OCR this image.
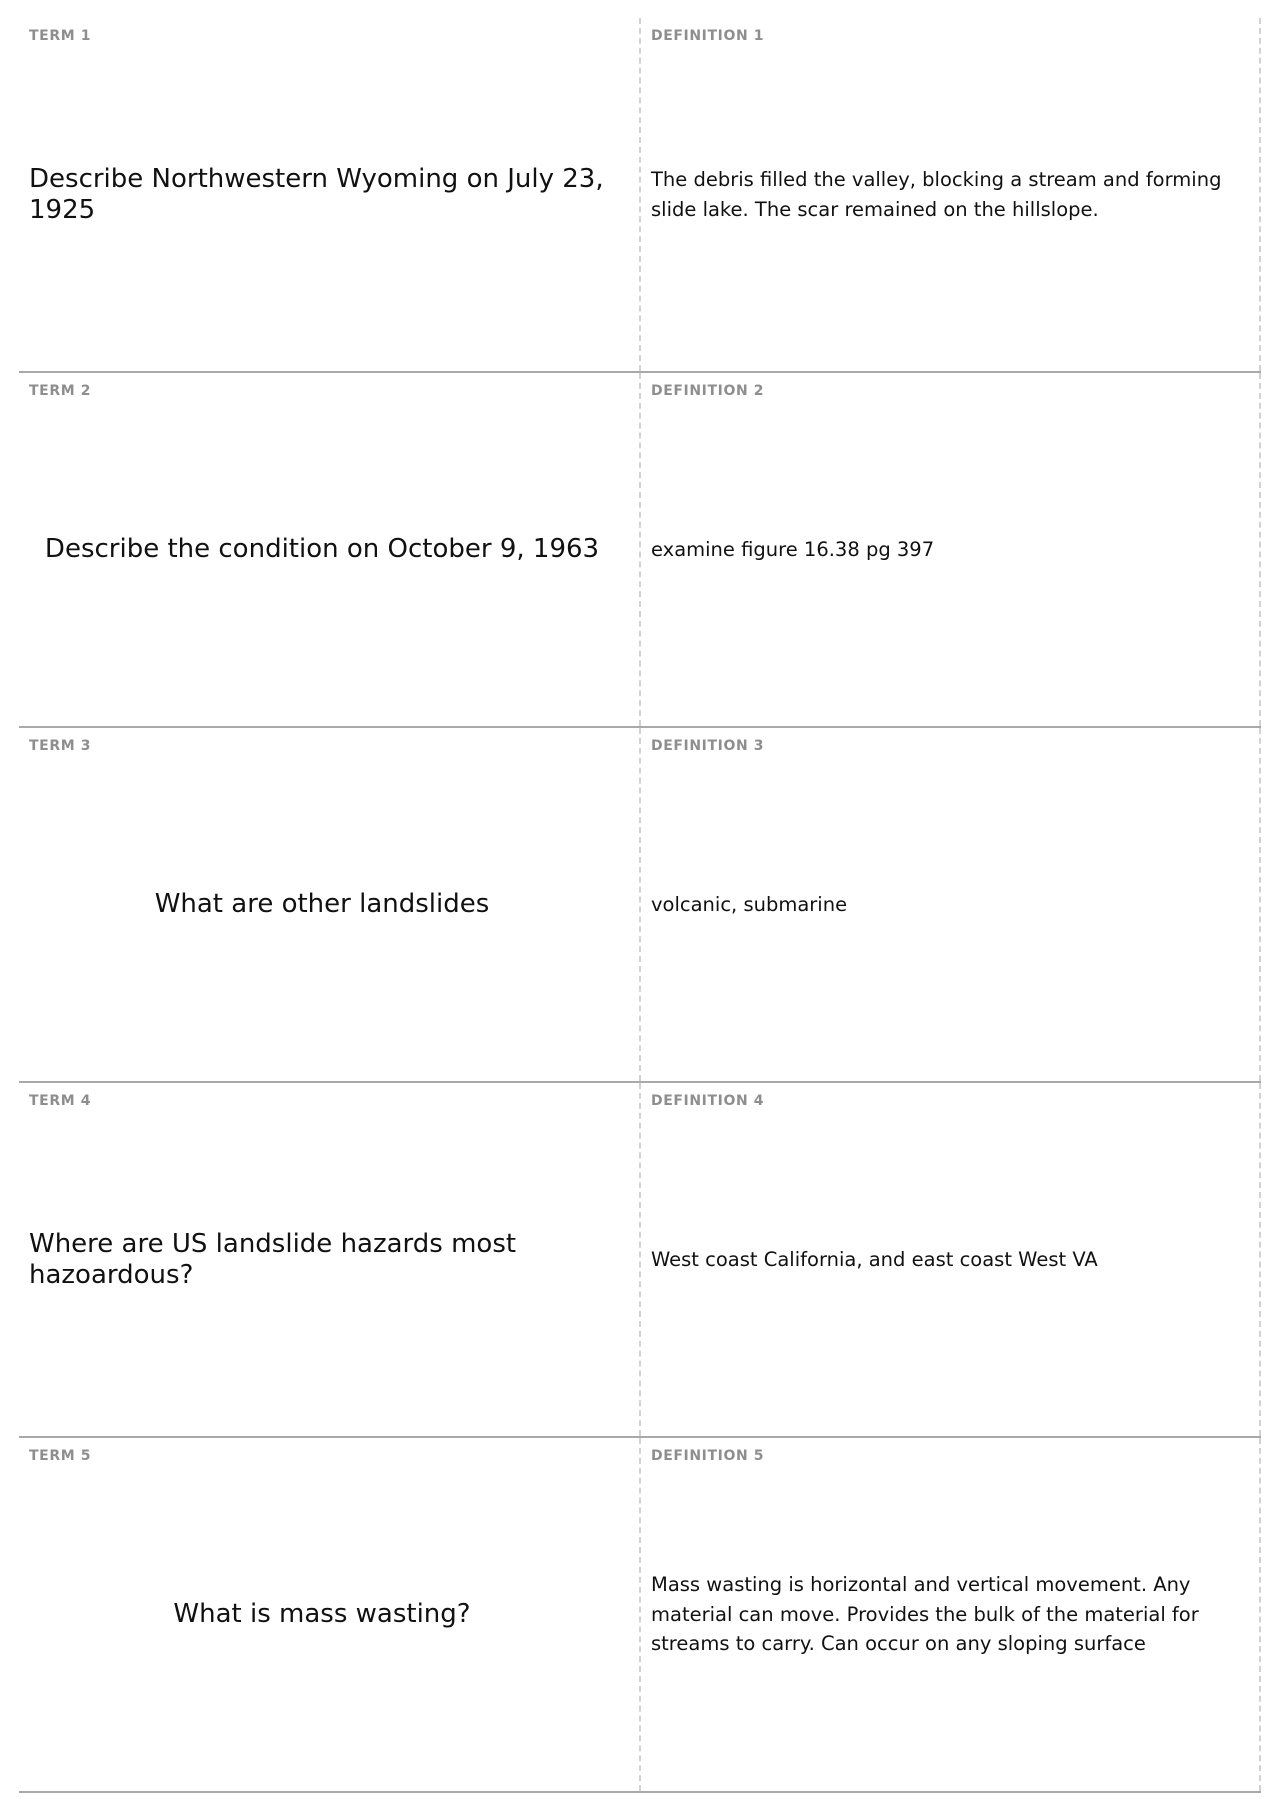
TERM 1
Describe Northwestern Wyoming on July 23, 1925
DEFINITION 1
The debris filled the valley, blocking a stream and forming slide lake. The scar remained on the hillslope.
TERM 2
Describe the condition on October 9, 1963
DEFINITION 2
examine figure 16.38 pg 397
TERM 3
What are other landslides
DEFINITION 3
volcanic, submarine
TERM 4
Where are US landslide hazards most hazoardous?
DEFINITION 4
West coast California, and east coast West VA
TERM 5
What is mass wasting?
DEFINITION 5
Mass wasting is horizontal and vertical movement. Any material can move. Provides the bulk of the material for streams to carry. Can occur on any sloping surface
